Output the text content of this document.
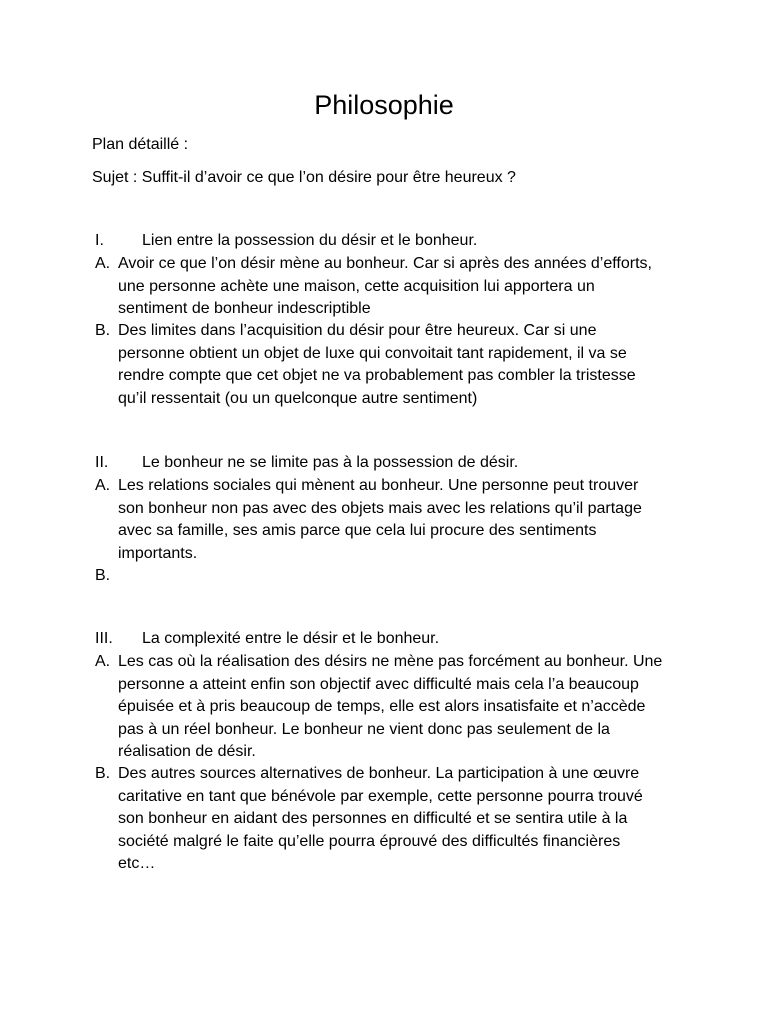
Philosophie
Plan détaillé :
Sujet : Suffit-il d’avoir ce que l’on désire pour être heureux ?
I. Lien entre la possession du désir et le bonheur.
A. Avoir ce que l’on désir mène au bonheur. Car si après des années d’efforts,
une personne achète une maison, cette acquisition lui apportera un
sentiment de bonheur indescriptible
B. Des limites dans l’acquisition du désir pour être heureux. Car si une
personne obtient un objet de luxe qui convoitait tant rapidement, il va se
rendre compte que cet objet ne va probablement pas combler la tristesse
qu’il ressentait (ou un quelconque autre sentiment)
II. Le bonheur ne se limite pas à la possession de désir.
A. Les relations sociales qui mènent au bonheur. Une personne peut trouver
son bonheur non pas avec des objets mais avec les relations qu’il partage
avec sa famille, ses amis parce que cela lui procure des sentiments
importants.
B.
III. La complexité entre le désir et le bonheur.
A. Les cas où la réalisation des désirs ne mène pas forcément au bonheur. Une
personne a atteint enfin son objectif avec difficulté mais cela l’a beaucoup
épuisée et à pris beaucoup de temps, elle est alors insatisfaite et n’accède
pas à un réel bonheur. Le bonheur ne vient donc pas seulement de la
réalisation de désir.
B. Des autres sources alternatives de bonheur. La participation à une œuvre
caritative en tant que bénévole par exemple, cette personne pourra trouvé
son bonheur en aidant des personnes en difficulté et se sentira utile à la
société malgré le faite qu’elle pourra éprouvé des difficultés financières
etc…
